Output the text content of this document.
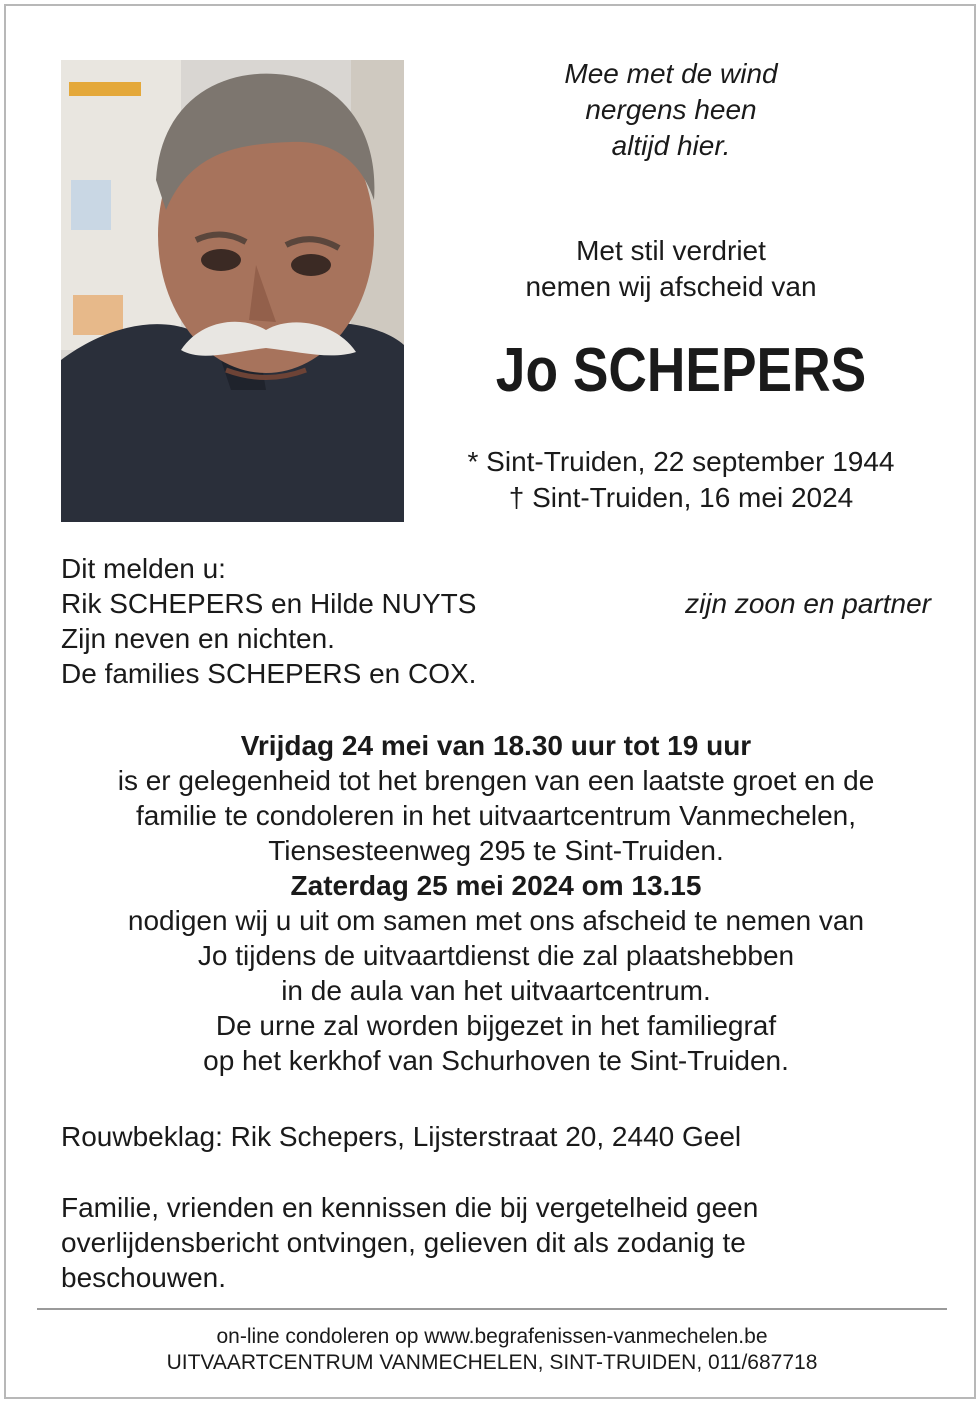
Mee met de wind
nergens heen
altijd hier.
Met stil verdriet
nemen wij afscheid van
Jo SCHEPERS
* Sint-Truiden, 22 september 1944
† Sint-Truiden, 16 mei 2024
Dit melden u:
Rik SCHEPERS en Hilde NUYTS	zijn zoon en partner
Zijn neven en nichten.
De families SCHEPERS en COX.
Vrijdag 24 mei van 18.30 uur tot 19 uur
is er gelegenheid tot het brengen van een laatste groet en de
familie te condoleren in het uitvaartcentrum Vanmechelen,
Tiensesteenweg 295 te Sint-Truiden.
Zaterdag 25 mei 2024 om 13.15
nodigen wij u uit om samen met ons afscheid te nemen van
Jo tijdens de uitvaartdienst die zal plaatshebben
in de aula van het uitvaartcentrum.
De urne zal worden bijgezet in het familiegraf
op het kerkhof van Schurhoven te Sint-Truiden.
Rouwbeklag: Rik Schepers, Lijsterstraat 20, 2440 Geel
Familie, vrienden en kennissen die bij vergetelheid geen
overlijdensbericht ontvingen, gelieven dit als zodanig te
beschouwen.
on-line condoleren op www.begrafenissen-vanmechelen.be
UITVAARTCENTRUM VANMECHELEN, SINT-TRUIDEN, 011/687718
